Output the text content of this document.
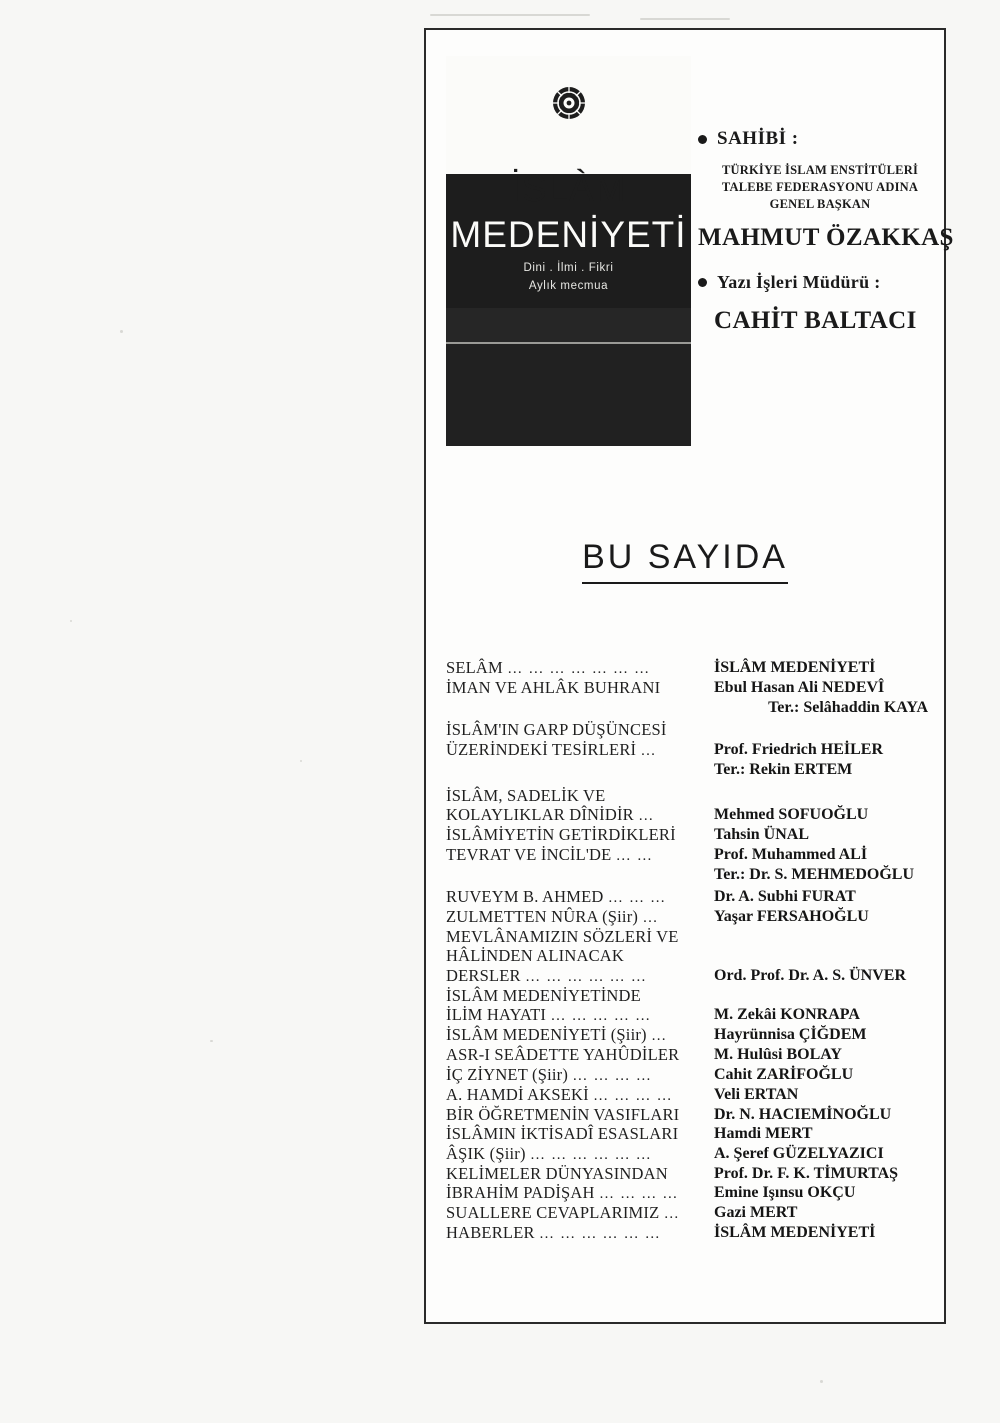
İSLÀM
MEDENİYETİ
Dini . İlmi . Fikri
Aylık mecmua
SAHİBİ :
TÜRKİYE İSLAM ENSTİTÜLERİ
TALEBE FEDERASYONU ADINA
GENEL BAŞKAN
MAHMUT ÖZAKKAŞ
Yazı İşleri Müdürü :
CAHİT BALTACI
BU SAYIDA
SELÂM … … … … … … …	İSLÂM MEDENİYETİ
İMAN VE AHLÂK BUHRANI	Ebul Hasan Ali NEDEVÎ
Ter.: Selâhaddin KAYA
İSLÂM'IN GARP DÜŞÜNCESİ
ÜZERİNDEKİ TESİRLERİ …	Prof. Friedrich HEİLER
Ter.: Rekin ERTEM
İSLÂM, SADELİK VE
KOLAYLIKLAR DÎNİDİR …	Mehmed SOFUOĞLU
İSLÂMİYETİN GETİRDİKLERİ	Tahsin ÜNAL
TEVRAT VE İNCİL'DE … …	Prof. Muhammed ALİ
Ter.: Dr. S. MEHMEDOĞLU
RUVEYM B. AHMED … … …	Dr. A. Subhi FURAT
ZULMETTEN NÛRA (Şiir) …	Yaşar FERSAHOĞLU
MEVLÂNAMIZIN SÖZLERİ VE
HÂLİNDEN ALINACAK
DERSLER … … … … … …	Ord. Prof. Dr. A. S. ÜNVER
İSLÂM MEDENİYETİNDE
İLİM HAYATI … … … … …	M. Zekâi KONRAPA
İSLÂM MEDENİYETİ (Şiir) …	Hayrünnisa ÇİĞDEM
ASR-I SEÂDETTE YAHÛDİLER	M. Hulûsi BOLAY
İÇ ZİYNET (Şiir) … … … …	Cahit ZARİFOĞLU
A. HAMDİ AKSEKİ … … … …	Veli ERTAN
BİR ÖĞRETMENİN VASIFLARI	Dr. N. HACIEMİNOĞLU
İSLÂMIN İKTİSADÎ ESASLARI	Hamdi MERT
ÂŞIK (Şiir) … … … … … …	A. Şeref GÜZELYAZICI
KELİMELER DÜNYASINDAN	Prof. Dr. F. K. TİMURTAŞ
İBRAHİM PADİŞAH … … … …	Emine Işınsu OKÇU
SUALLERE CEVAPLARIMIZ …	Gazi MERT
HABERLER … … … … … …	İSLÂM MEDENİYETİ
